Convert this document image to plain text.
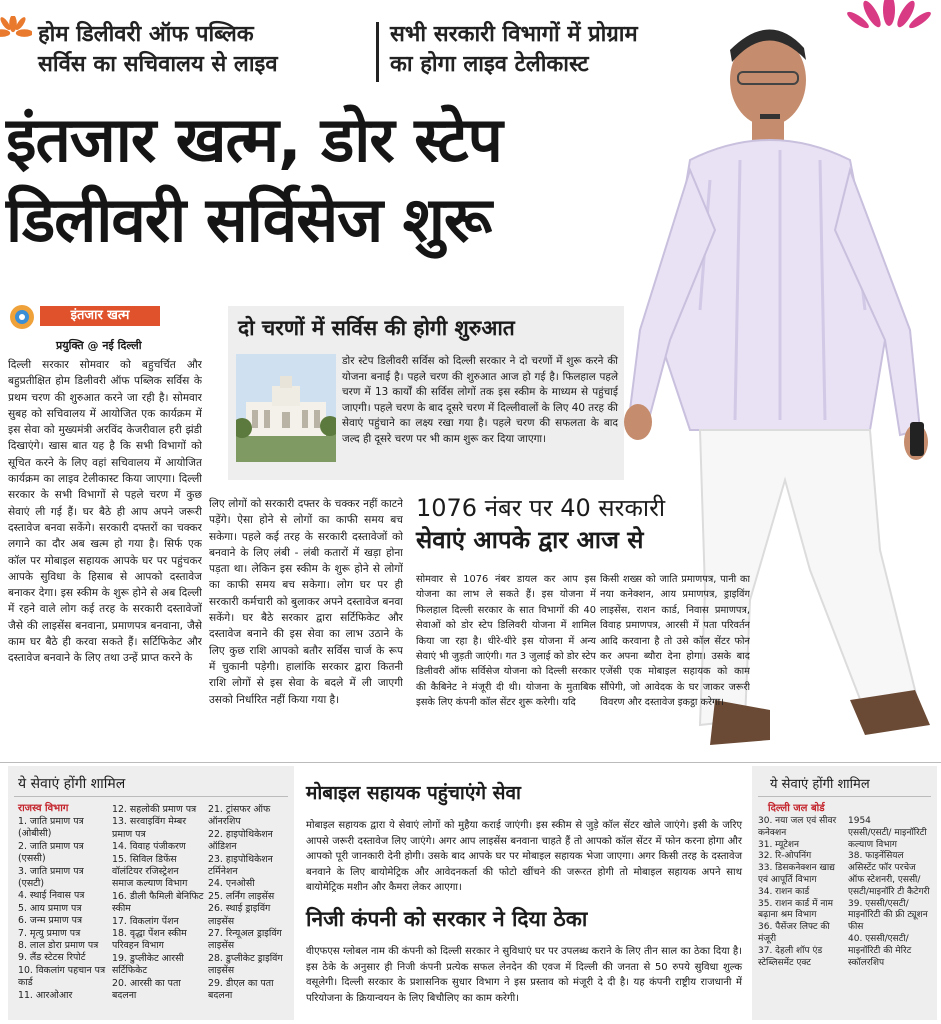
होम डिलीवरी ऑफ पब्लिक
सर्विस का सचिवालय से लाइव
सभी सरकारी विभागों में प्रोग्राम
का होगा लाइव टेलीकास्ट
इंतजार खत्म, डोर स्टेप
डिलीवरी सर्विसेज शुरू
इंतजार खत्म
प्रयुक्ति @ नई दिल्ली
दिल्ली सरकार सोमवार को बहुचर्चित और बहुप्रतीक्षित होम डिलीवरी ऑफ पब्लिक सर्विस के प्रथम चरण की शुरुआत करने जा रही है। सोमवार सुबह को सचिवालय में आयोजित एक कार्यक्रम में इस सेवा को मुख्यमंत्री अरविंद केजरीवाल हरी झंडी दिखाएंगे। खास बात यह है कि सभी विभागों को सूचित करने के लिए वहां सचिवालय में आयोजित कार्यक्रम का लाइव टेलीकास्ट किया जाएगा। दिल्ली सरकार के सभी विभागों से पहले चरण में कुछ सेवाएं ली गई हैं। घर बैठे ही आप अपने जरूरी दस्तावेज बनवा सकेंगे। सरकारी दफ्तरों का चक्कर लगाने का दौर अब खत्म हो गया है। सिर्फ एक कॉल पर मोबाइल सहायक आपके घर पर पहुंचकर आपके सुविधा के हिसाब से आपको दस्तावेज बनाकर देगा। इस स्कीम के शुरू होने से अब दिल्ली में रहने वाले लोग कई तरह के सरकारी दस्तावेजों जैसे की लाइसेंस बनवाना, प्रमाणपत्र बनवाना, जैसे काम घर बैठे ही करवा सकते हैं। सर्टिफिकेट और दस्तावेज बनवाने के लिए तथा उन्हें प्राप्त करने के
लिए लोगों को सरकारी दफ्तर के चक्कर नहीं काटने पड़ेंगे। ऐसा होने से लोगों का काफी समय बच सकेगा। पहले कई तरह के सरकारी दस्तावेजों को बनवाने के लिए लंबी - लंबी कतारों में खड़ा होना पड़ता था। लेकिन इस स्कीम के शुरू होने से लोगों का काफी समय बच सकेगा। लोग घर पर ही सरकारी कर्मचारी को बुलाकर अपने दस्तावेज बनवा सकेंगे। घर बैठे सरकार द्वारा सर्टिफिकेट और दस्तावेज बनाने की इस सेवा का लाभ उठाने के लिए कुछ राशि आपको बतौर सर्विस चार्ज के रूप में चुकानी पड़ेगी। हालांकि सरकार द्वारा कितनी राशि लोगों से इस सेवा के बदले में ली जाएगी उसको निर्धारित नहीं किया गया है।
दो चरणों में सर्विस की होगी शुरुआत
डोर स्टेप डिलीवरी सर्विस को दिल्ली सरकार ने दो चरणों में शुरू करने की योजना बनाई है। पहले चरण की शुरुआत आज हो गई है। फिलहाल पहले चरण में 13 कार्यों की सर्विस लोगों तक इस स्कीम के माध्यम से पहुंचाई जाएगी। पहले चरण के बाद दूसरे चरण में दिल्लीवालों के लिए 40 तरह की सेवाएं पहुंचाने का लक्ष्य रखा गया है। पहले चरण की सफलता के बाद जल्द ही दूसरे चरण पर भी काम शुरू कर दिया जाएगा।
1076 नंबर पर 40 सरकारी
सेवाएं आपके द्वार आज से
सोमवार से 1076 नंबर डायल कर आप इस योजना का लाभ ले सकते हैं। इस योजना में फिलहाल दिल्ली सरकार के सात विभागों की 40 सेवाओं को डोर स्टेप डिलिवरी योजना में शामिल किया जा रहा है। धीरे-धीरे इस योजना में अन्य सेवाएं भी जुड़ती जाएंगी। गत 3 जुलाई को डोर स्टेप डिलीवरी ऑफ सर्विसेज योजना को दिल्ली सरकार की कैबिनेट ने मंजूरी दी थी। योजना के मुताबिक इसके लिए कंपनी कॉल सेंटर शुरू करेगी। यदि
किसी शख्स को जाति प्रमाणपत्र, पानी का नया कनेक्शन, आय प्रमाणपत्र, ड्राइविंग लाइसेंस, राशन कार्ड, निवास प्रमाणपत्र, विवाह प्रमाणपत्र, आरसी में पता परिवर्तन आदि करवाना है तो उसे कॉल सेंटर फोन कर अपना ब्यौरा देना होगा। उसके बाद एजेंसी एक मोबाइल सहायक को काम सौंपेगी, जो आवेदक के घर जाकर जरूरी विवरण और दस्तावेज इकट्ठा करेगा।
ये सेवाएं होंगी शामिल
राजस्व विभाग
1. जाति प्रमाण पत्र (ओबीसी)
2. जाति प्रमाण पत्र (एससी)
3. जाति प्रमाण पत्र (एसटी)
4. स्थाई निवास पत्र
5. आय प्रमाण पत्र
6. जन्म प्रमाण पत्र
7. मृत्यु प्रमाण पत्र
8. लाल डोरा प्रमाण पत्र
9. लैंड स्टेटस रिपोर्ट
10. विकलांग पहचान पत्र कार्ड
11. आरओआर
12. सहलोकी प्रमाण पत्र
13. सरवाइविंग मेम्बर प्रमाण पत्र
14. विवाह पंजीकरण
15. सिविल डिफेंस वॉलंटियर रजिस्ट्रेशन
समाज कल्याण विभाग
16. डीली फैमिली बेनिफिट स्कीम
17. विकलांग पेंशन
18. वृद्धा पेंशन स्कीम परिवहन विभाग
19. डुप्लीकेट आरसी सर्टिफिकेट
20. आरसी का पता बदलना
21. ट्रांसफर ऑफ ऑनरशिप
22. हाइपोथिकेशन ऑडिशन
23. हाइपोथिकेशन टर्मिनेशन
24. एनओसी
25. लर्निंग लाइसेंस
26. स्थाई ड्राइविंग लाइसेंस
27. रिन्यूअल ड्राइविंग लाइसेंस
28. डुप्लीकेट ड्राइविंग लाइसेंस
29. डीएल का पता बदलना
मोबाइल सहायक पहुंचाएंगे सेवा
मोबाइल सहायक द्वारा ये सेवाएं लोगों को मुहैया कराई जाएंगी। इस स्कीम से जुड़े कॉल सेंटर खोले जाएंगे। इसी के जरिए आपसे जरूरी दस्तावेज लिए जाएंगे। अगर आप लाइसेंस बनवाना चाहते हैं तो आपको कॉल सेंटर में फोन करना होगा और आपको पूरी जानकारी देनी होगी। उसके बाद आपके घर पर मोबाइल सहायक भेजा जाएगा। अगर किसी तरह के दस्तावेज बनवाने के लिए बायोमेट्रिक और आवेदनकर्ता की फोटो खींचने की जरूरत होगी तो मोबाइल सहायक अपने साथ बायोमेट्रिक मशीन और कैमरा लेकर आएगा।
निजी कंपनी को सरकार ने दिया ठेका
वीएफएस ग्लोबल नाम की कंपनी को दिल्ली सरकार ने सुविधाएं घर पर उपलब्ध कराने के लिए तीन साल का ठेका दिया है। इस ठेके के अनुसार ही निजी कंपनी प्रत्येक सफल लेनदेन की एवज में दिल्ली की जनता से 50 रुपये सुविधा शुल्क वसूलेगी। दिल्ली सरकार के प्रशासनिक सुधार विभाग ने इस प्रस्ताव को मंजूरी दे दी है। यह कंपनी राष्ट्रीय राजधानी में परियोजना के क्रियान्वयन के लिए बिचौलिए का काम करेगी।
ये सेवाएं होंगी शामिल
दिल्ली जल बोर्ड
30. नया जल एवं सीवर कनेक्शन
31. म्यूटेशन
32. रि-ओपनिंग
33. डिसकनेक्शन खाद्य एवं आपूर्ति विभाग
34. राशन कार्ड
35. राशन कार्ड में नाम बढ़ाना श्रम विभाग
36. पैसेंजर लिफ्ट की मंजूरी
37. देहली शॉप एंड स्टेब्लिसमेंट एक्ट
1954
एससी/एसटी/ माइनॉरिटी कल्याण विभाग
38. फाइनेंसियल असिस्टेंट फॉर परचेज ऑफ स्टेशनरी, एससी/एसटी/माइनॉरि टी कैटेगरी
39. एससी/एसटी/ माइनॉरिटी की फ्री ट्यूशन फीस
40. एससी/एसटी/ माइनॉरिटी की मेरिट स्कॉलरशिप
